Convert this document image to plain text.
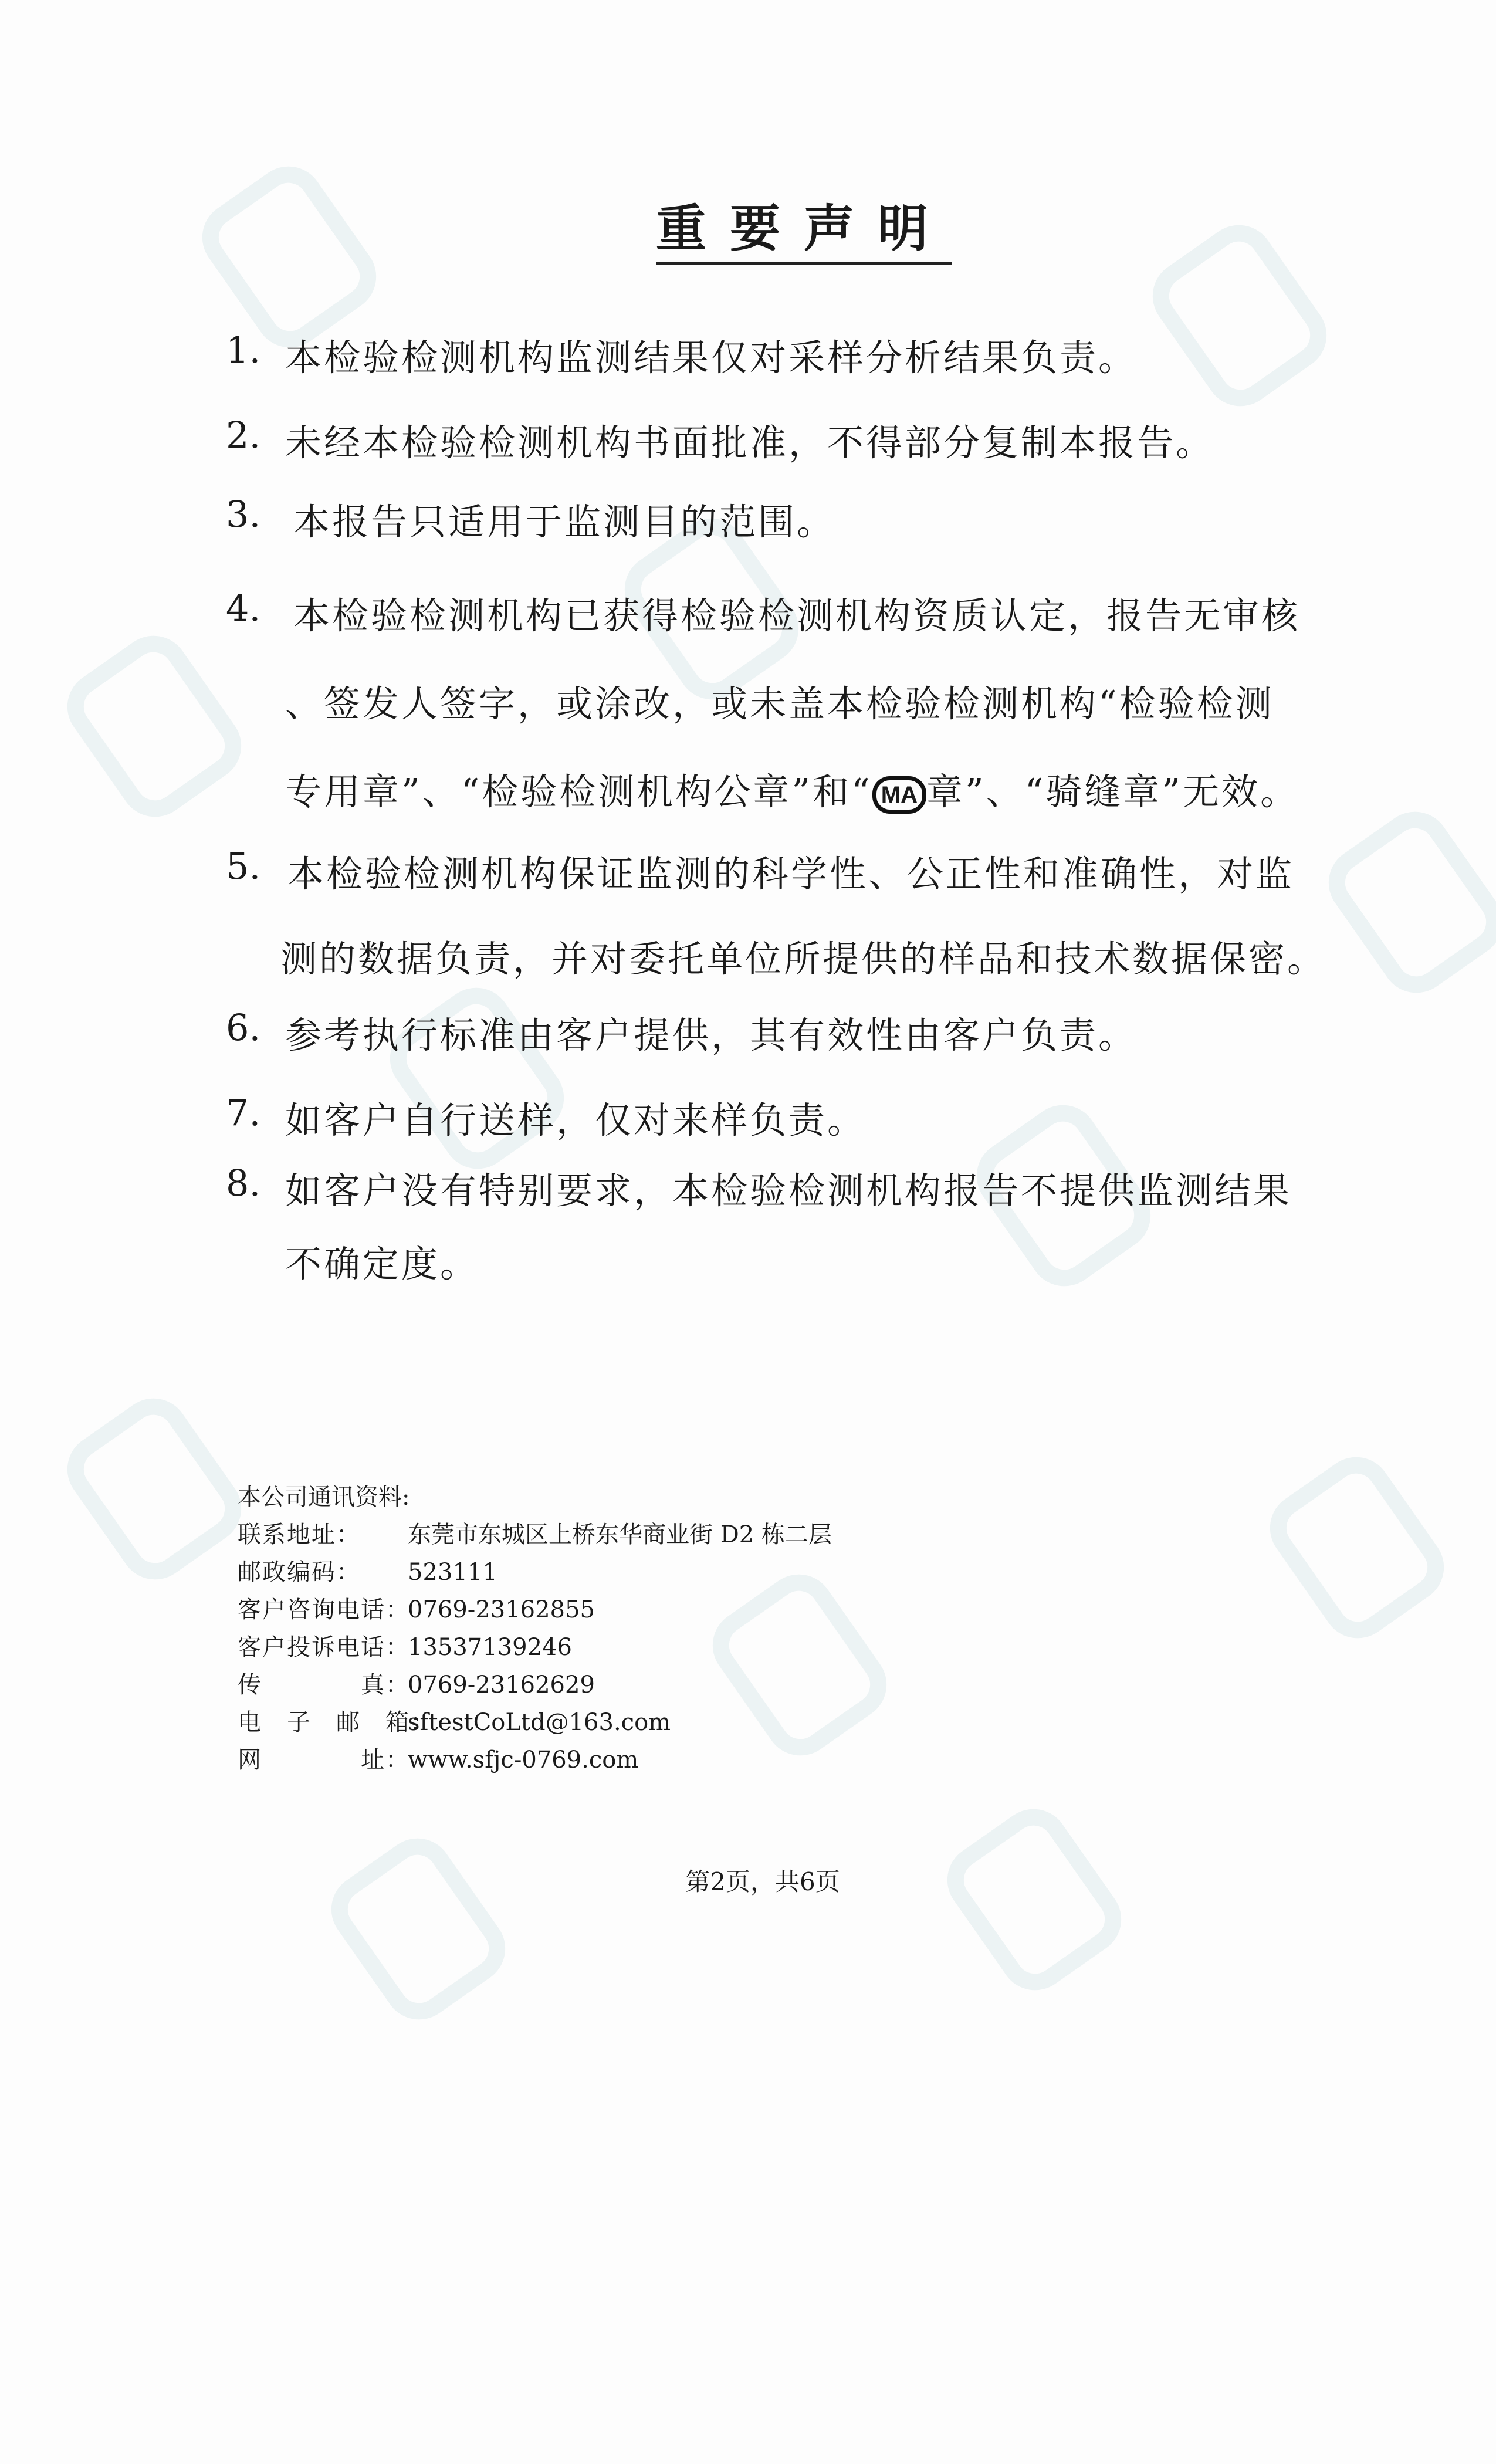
重要声明
1. 本检验检测机构监测结果仅对采样分析结果负责。
2. 未经本检验检测机构书面批准，不得部分复制本报告。
3. 本报告只适用于监测目的范围。
4. 本检验检测机构已获得检验检测机构资质认定，报告无审核
、签发人签字，或涂改，或未盖本检验检测机构“检验检测
专用章”、“检验检测机构公章”和“ MA 章”、“骑缝章”无效。
5. 本检验检测机构保证监测的科学性、公正性和准确性，对监
测的数据负责，并对委托单位所提供的样品和技术数据保密。
6. 参考执行标准由客户提供，其有效性由客户负责。
7. 如客户自行送样，仅对来样负责。
8. 如客户没有特别要求，本检验检测机构报告不提供监测结果
不确定度。
本公司通讯资料:
联系地址： 东莞市东城区上桥东华商业街 D2 栋二层
邮政编码： 523111
客户咨询电话：0769-23162855
客户投诉电话：13537139246
传　　　　真：0769-23162629
电　子　邮　箱：sftestCoLtd@163.com
网　　　　址：www.sfjc-0769.com
第2页，共6页
